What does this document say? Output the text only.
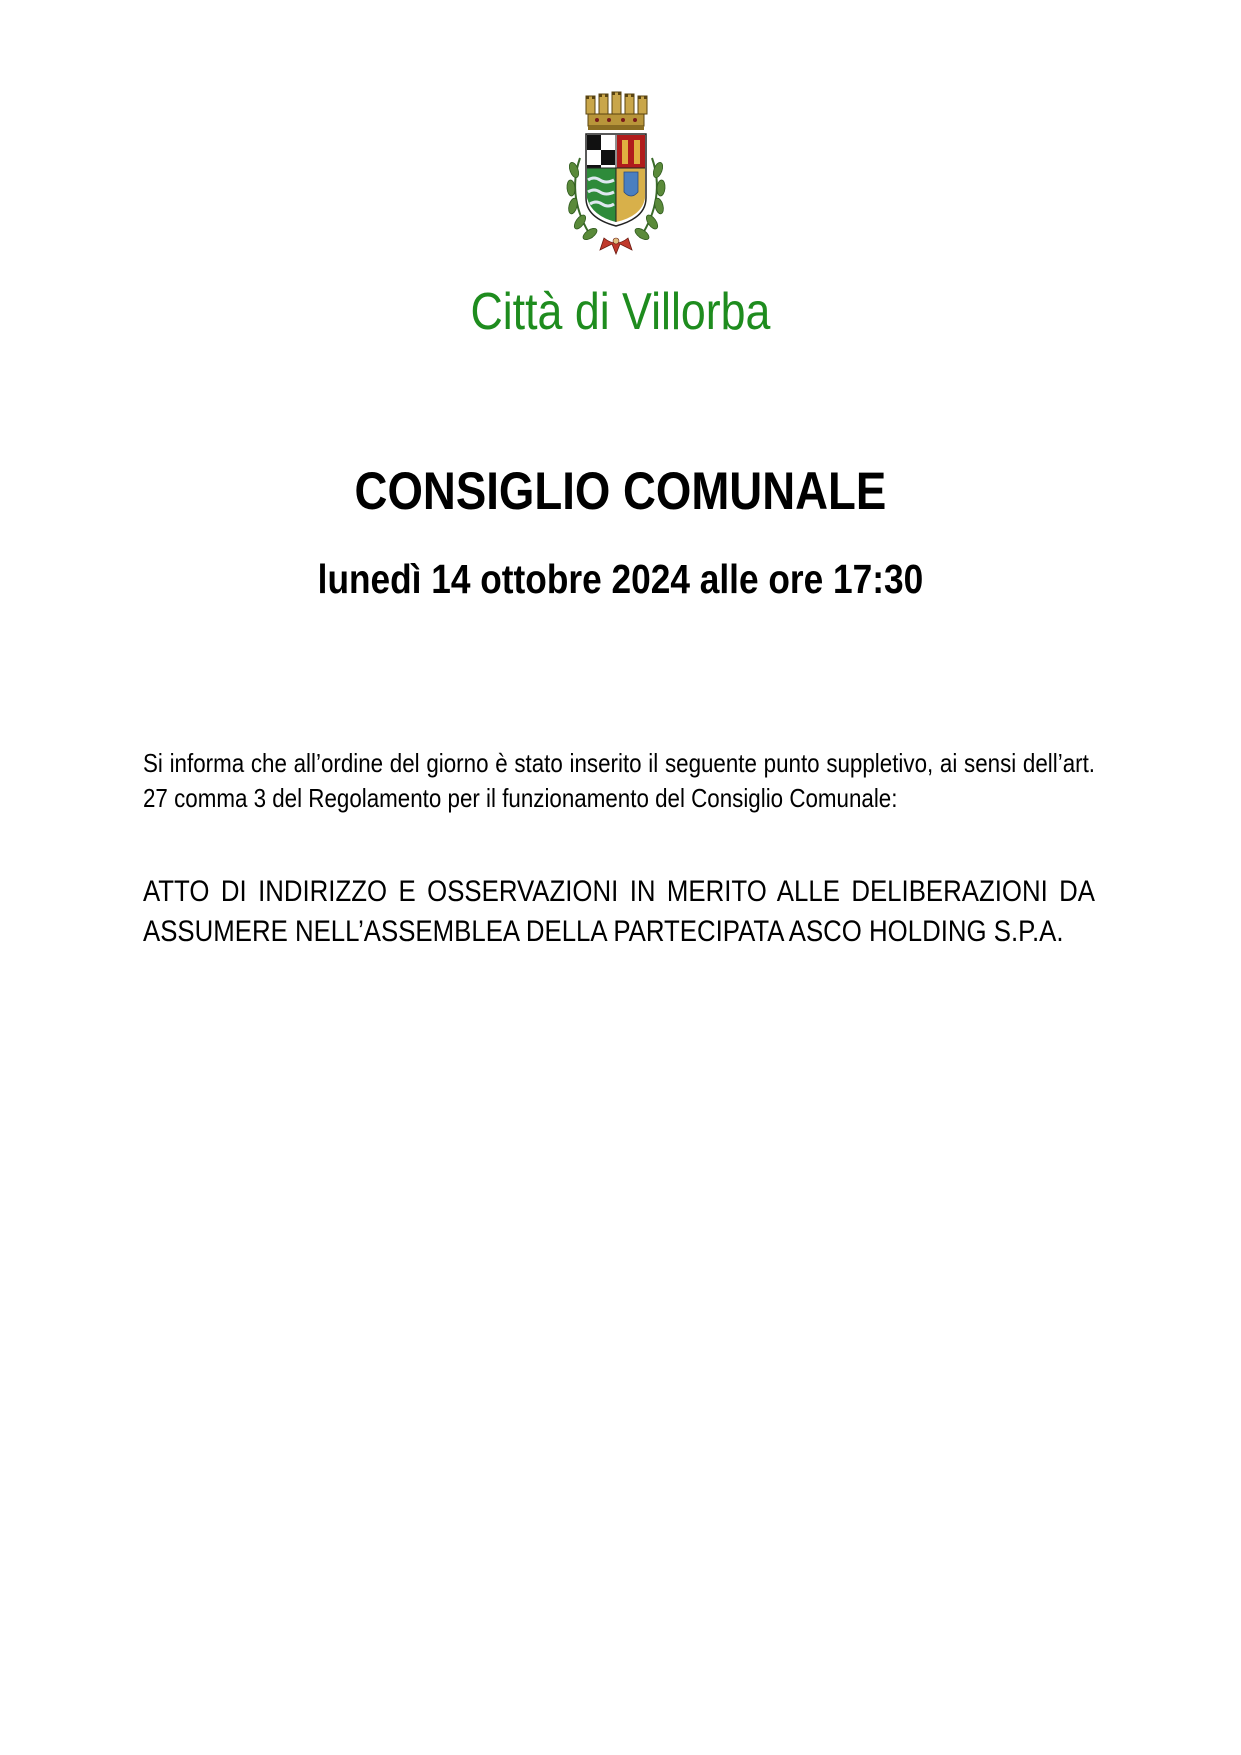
Città di Villorba
CONSIGLIO COMUNALE
lunedì 14 ottobre 2024 alle ore 17:30

Si informa che all’ordine del giorno è stato inserito il seguente punto suppletivo, ai sensi dell’art. 27 comma 3 del Regolamento per il funzionamento del Consiglio Comunale:

ATTO DI INDIRIZZO E OSSERVAZIONI IN MERITO ALLE DELIBERAZIONI DA ASSUMERE NELL’ASSEMBLEA DELLA PARTECIPATA ASCO HOLDING S.P.A.
